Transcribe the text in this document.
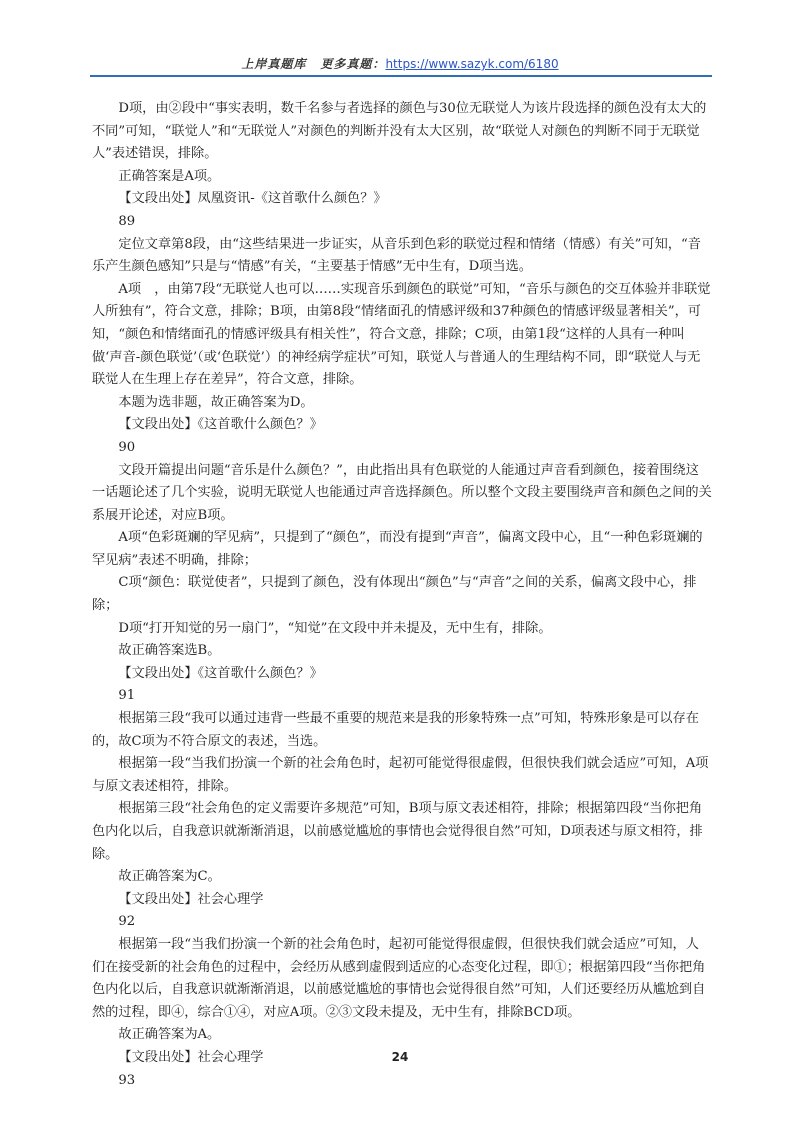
上岸真题库 更多真题：https://www.sazyk.com/6180

D项，由②段中“事实表明，数千名参与者选择的颜色与30位无联觉人为该片段选择的颜色没有太大的不同”可知，“联觉人”和“无联觉人”对颜色的判断并没有太大区别，故“联觉人对颜色的判断不同于无联觉人”表述错误，排除。

正确答案是A项。

【文段出处】凤凰资讯-《这首歌什么颜色？》

89

定位文章第8段，由“这些结果进一步证实，从音乐到色彩的联觉过程和情绪（情感）有关”可知，“音乐产生颜色感知”只是与“情感”有关，“主要基于情感”无中生有，D项当选。

A项　，由第7段“无联觉人也可以……实现音乐到颜色的联觉”可知，“音乐与颜色的交互体验并非联觉人所独有”，符合文意，排除；B项，由第8段“情绪面孔的情感评级和37种颜色的情感评级显著相关”，可知，“颜色和情绪面孔的情感评级具有相关性”，符合文意，排除；C项，由第1段“这样的人具有一种叫做‘声音-颜色联觉’（或‘色联觉’）的神经病学症状”可知，联觉人与普通人的生理结构不同，即“联觉人与无联觉人在生理上存在差异”，符合文意，排除。

本题为选非题，故正确答案为D。

【文段出处】《这首歌什么颜色？》

90

文段开篇提出问题“音乐是什么颜色？”，由此指出具有色联觉的人能通过声音看到颜色，接着围绕这一话题论述了几个实验，说明无联觉人也能通过声音选择颜色。所以整个文段主要围绕声音和颜色之间的关系展开论述，对应B项。

A项“色彩斑斓的罕见病”，只提到了“颜色”，而没有提到“声音”，偏离文段中心，且“一种色彩斑斓的罕见病”表述不明确，排除；

C项“颜色：联觉使者”，只提到了颜色，没有体现出“颜色”与“声音”之间的关系，偏离文段中心，排除；

D项“打开知觉的另一扇门”，“知觉”在文段中并未提及，无中生有，排除。

故正确答案选B。

【文段出处】《这首歌什么颜色？》

91

根据第三段“我可以通过违背一些最不重要的规范来是我的形象特殊一点”可知，特殊形象是可以存在的，故C项为不符合原文的表述，当选。

根据第一段“当我们扮演一个新的社会角色时，起初可能觉得很虚假，但很快我们就会适应”可知，A项与原文表述相符，排除。

根据第三段“社会角色的定义需要许多规范”可知，B项与原文表述相符，排除；根据第四段“当你把角色内化以后，自我意识就渐渐消退，以前感觉尴尬的事情也会觉得很自然”可知，D项表述与原文相符，排除。

故正确答案为C。

【文段出处】社会心理学

92

根据第一段“当我们扮演一个新的社会角色时，起初可能觉得很虚假，但很快我们就会适应”可知，人们在接受新的社会角色的过程中，会经历从感到虚假到适应的心态变化过程，即①；根据第四段“当你把角色内化以后，自我意识就渐渐消退，以前感觉尴尬的事情也会觉得很自然”可知，人们还要经历从尴尬到自然的过程，即④，综合①④，对应A项。②③文段未提及，无中生有，排除BCD项。

故正确答案为A。

【文段出处】社会心理学

93

24
